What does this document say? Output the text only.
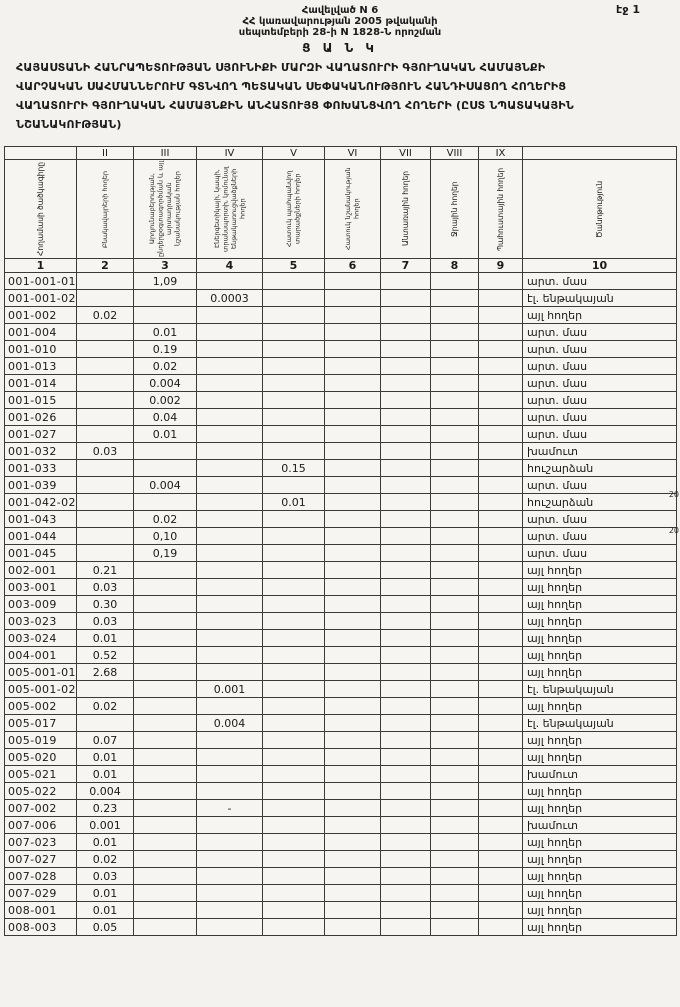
էջ 1
Հավելված N 6
ՀՀ կառավարության 2005 թվականի
սեպտեմբերի 28-ի N 1828-Ն որոշման
Ց Ա Ն Կ
ՀԱՅԱՍՏԱՆԻ ՀԱՆՐԱՊԵՏՈՒԹՅԱՆ ՍՅՈՒՆԻՔԻ ՄԱՐԶԻ ՎԱՂԱՏՈՒՐԻ ԳՅՈՒՂԱԿԱՆ ՀԱՄԱՅՆՔԻ
ՎԱՐՉԱԿԱՆ ՍԱՀՄԱՆՆԵՐՈՒՄ ԳՏՆՎՈՂ ՊԵՏԱԿԱՆ ՍԵՓԱԿԱՆՈՒԹՅՈՒՆ ՀԱՆԴԻՍԱՑՈՂ ՀՈՂԵՐԻՑ
ՎԱՂԱՏՈՒՐԻ ԳՅՈՒՂԱԿԱՆ ՀԱՄԱՅՆՔԻՆ ԱՆՀԱՏՈՒՅՑ ՓՈԽԱՆՑՎՈՂ ՀՈՂԵՐԻ (ԸՍՏ ՆՊԱՏԱԿԱՅԻՆ
ՆՇԱՆԱԿՈՒԹՅԱՆ)
	II	III	IV	V	VI	VII	VIII	IX	

Հողամասի ծածկագիրը	Բնակավայրերի հողեր	Արդյունաբերության, ընդերքօգտագործման և այլ արտադրական նշանակության հողեր	Էներգետիկայի, կապի, տրանսպորտի, կոմունալ ենթակառուցվածքների հողեր	Հատուկ պահպանվող տարածքների հողեր	Հատուկ նշանակության հողեր	Անտառային հողեր	Ջրային հողեր	Պահուստային հողեր	Ծանոթություն

1	2	3	4	5	6	7	8	9	10
001-001-01		1,09							արտ. մաս
001-001-02			0.0003						էլ. ենթակայան
001-002	0.02								այլ հողեր
001-004		0.01							արտ. մաս
001-010		0.19							արտ. մաս
001-013		0.02							արտ. մաս
001-014		0.004							արտ. մաս
001-015		0.002							արտ. մաս
001-026		0.04							արտ. մաս
001-027		0.01							արտ. մաս
001-032	0.03								խամուտ
001-033				0.15					հուշարձան
001-039		0.004							արտ. մաս
001-042-02				0.01					հուշարձան
001-043		0.02							արտ. մաս
001-044		0,10							արտ. մաս
001-045		0,19							արտ. մաս
002-001	0.21								այլ հողեր
003-001	0.03								այլ հողեր
003-009	0.30								այլ հողեր
003-023	0.03								այլ հողեր
003-024	0.01								այլ հողեր
004-001	0.52								այլ հողեր
005-001-01	2.68								այլ հողեր
005-001-02			0.001						էլ. ենթակայան
005-002	0.02								այլ հողեր
005-017			0.004						էլ. ենթակայան
005-019	0.07								այլ հողեր
005-020	0.01								այլ հողեր
005-021	0.01								խամուտ
005-022	0.004								այլ հողեր
007-002	0.23		-						այլ հողեր
007-006	0.001								խամուտ
007-023	0.01								այլ հողեր
007-027	0.02								այլ հողեր
007-028	0.03								այլ հողեր
007-029	0.01								այլ հողեր
008-001	0.01								այլ հողեր
008-003	0.05								այլ հողեր
20
20
